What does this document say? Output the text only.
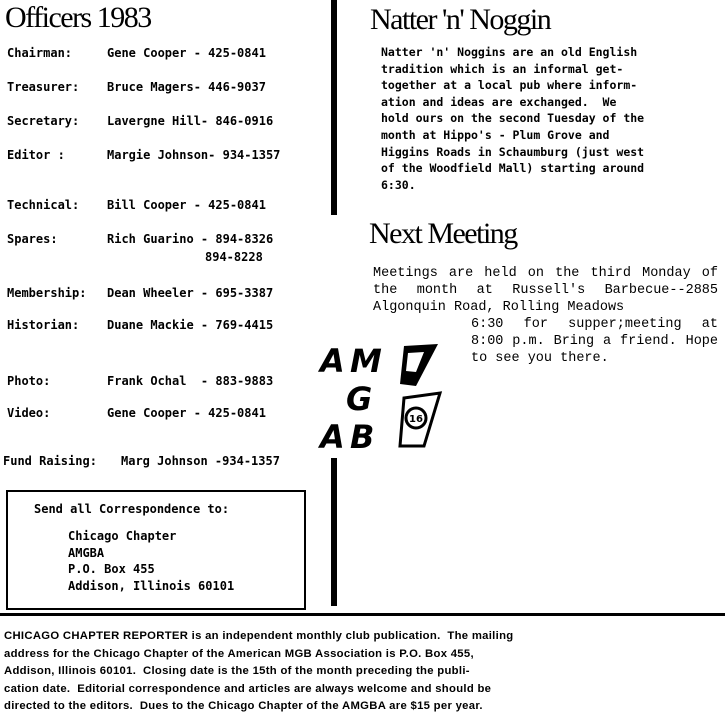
Officers 1983
Chairman:	Gene Cooper - 425-0841
Treasurer: Bruce Magers- 446-9037
Secretary: Lavergne Hill- 846-0916
Editor :	Margie Johnson- 934-1357
Technical: Bill Cooper - 425-0841
Spares:	Rich Guarino - 894-8326
894-8228
Membership: Dean Wheeler - 695-3387
Historian: Duane Mackie - 769-4415
Photo:	Frank Ochal  - 883-9883
Video:	Gene Cooper - 425-0841
Fund Raising: Marg Johnson -934-1357
Send all Correspondence to:
Chicago Chapter
AMGBA
P.O. Box 455
Addison, Illinois 60101
Natter 'n' Noggin
Natter 'n' Noggins are an old English
tradition which is an informal get-
together at a local pub where inform-
ation and ideas are exchanged.  We
hold ours on the second Tuesday of the
month at Hippo's - Plum Grove and
Higgins Roads in Schaumburg (just west
of the Woodfield Mall) starting around
6:30.
Next Meeting
Meetings are held on the third Monday of the month at Russell's Barbecue--2885 Algonquin Road, Rolling Meadows
6:30 for supper;meeting at 8:00 p.m. Bring a friend. Hope to see you there.
A M
G
A B	16
CHICAGO CHAPTER REPORTER is an independent monthly club publication.  The mailing
address for the Chicago Chapter of the American MGB Association is P.O. Box 455,
Addison, Illinois 60101.  Closing date is the 15th of the month preceding the publi-
cation date.  Editorial correspondence and articles are always welcome and should be
directed to the editors.  Dues to the Chicago Chapter of the AMGBA are $15 per year.
